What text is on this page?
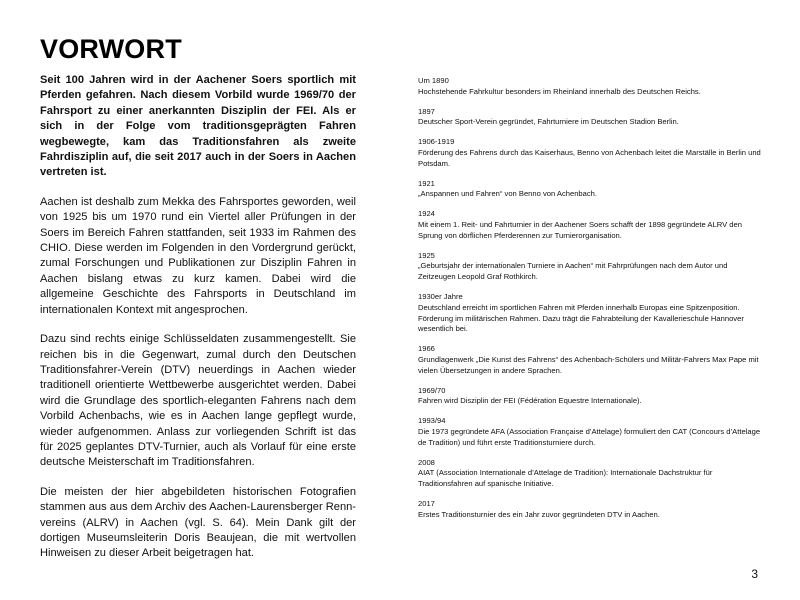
VORWORT

Seit 100 Jahren wird in der Aachener Soers sportlich mit Pferden gefahren. Nach diesem Vorbild wurde 1969/70 der Fahrsport zu einer anerkannten Disziplin der FEI. Als er sich in der Folge vom traditionsgeprägten Fahren wegbewegte, kam das Traditionsfahren als zweite Fahrdisziplin auf, die seit 2017 auch in der Soers in Aachen vertreten ist.

Aachen ist deshalb zum Mekka des Fahrsportes geworden, weil von 1925 bis um 1970 rund ein Viertel aller Prüfungen in der Soers im Bereich Fahren stattfanden, seit 1933 im Rahmen des CHIO. Diese werden im Folgenden in den Vordergrund gerückt, zumal Forschungen und Publikationen zur Disziplin Fahren in Aachen bislang etwas zu kurz kamen. Dabei wird die allgemeine Geschichte des Fahrsports in Deutschland im internationalen Kontext mit angesprochen.

Dazu sind rechts einige Schlüsseldaten zusammengestellt. Sie reichen bis in die Gegenwart, zumal durch den Deutschen Traditionsfahrer-Verein (DTV) neuerdings in Aachen wieder traditionell orientierte Wettbewerbe ausgerichtet werden. Dabei wird die Grundlage des sportlich-eleganten Fahrens nach dem Vorbild Achenbachs, wie es in Aachen lange gepflegt wurde, wieder aufgenommen. Anlass zur vorliegenden Schrift ist das für 2025 geplantes DTV-Turnier, auch als Vorlauf für eine erste deutsche Meisterschaft im Traditionsfahren.

Die meisten der hier abgebildeten historischen Fotografien stammen aus aus dem Archiv des Aachen-Laurensberger Renn-vereins (ALRV) in Aachen (vgl. S. 64). Mein Dank gilt der dortigen Museumsleiterin Doris Beaujean, die mit wertvollen Hinweisen zu dieser Arbeit beigetragen hat.

Um 1890
Hochstehende Fahrkultur besonders im Rheinland innerhalb des Deutschen Reichs.
1897
Deutscher Sport-Verein gegründet, Fahrturniere im Deutschen Stadion Berlin.
1906-1919
Förderung des Fahrens durch das Kaiserhaus, Benno von Achenbach leitet die Marställe in Berlin und Potsdam.
1921
„Anspannen und Fahren“ von Benno von Achenbach.
1924
Mit einem 1. Reit- und Fahrturnier in der Aachener Soers schafft der 1898 gegründete ALRV den Sprung von dörflichen Pferderennen zur Turnierorganisation.
1925
„Geburtsjahr der internationalen Turniere in Aachen“ mit Fahrprüfungen nach dem Autor und Zeitzeugen Leopold Graf Rothkirch.
1930er Jahre
Deutschland erreicht im sportlichen Fahren mit Pferden innerhalb Europas eine Spitzenposition. Förderung im militärischen Rahmen. Dazu trägt die Fahrabteilung der Kavallerieschule Hannover wesentlich bei.
1966
Grundlagenwerk „Die Kunst des Fahrens“ des Achenbach-Schülers und Militär-Fahrers Max Pape mit vielen Übersetzungen in andere Sprachen.
1969/70
Fahren wird Disziplin der FEI (Fédération Equestre Internationale).
1993/94
Die 1973 gegründete AFA (Association Française d’Attelage) formuliert den CAT (Concours d’Attelage de Tradition) und führt erste Traditionsturniere durch.
2008
AIAT (Association Internationale d’Attelage de Tradition): Internationale Dachstruktur für Traditionsfahren auf spanische Initiative.
2017
Erstes Traditionsturnier des ein Jahr zuvor gegründeten DTV in Aachen.
3
